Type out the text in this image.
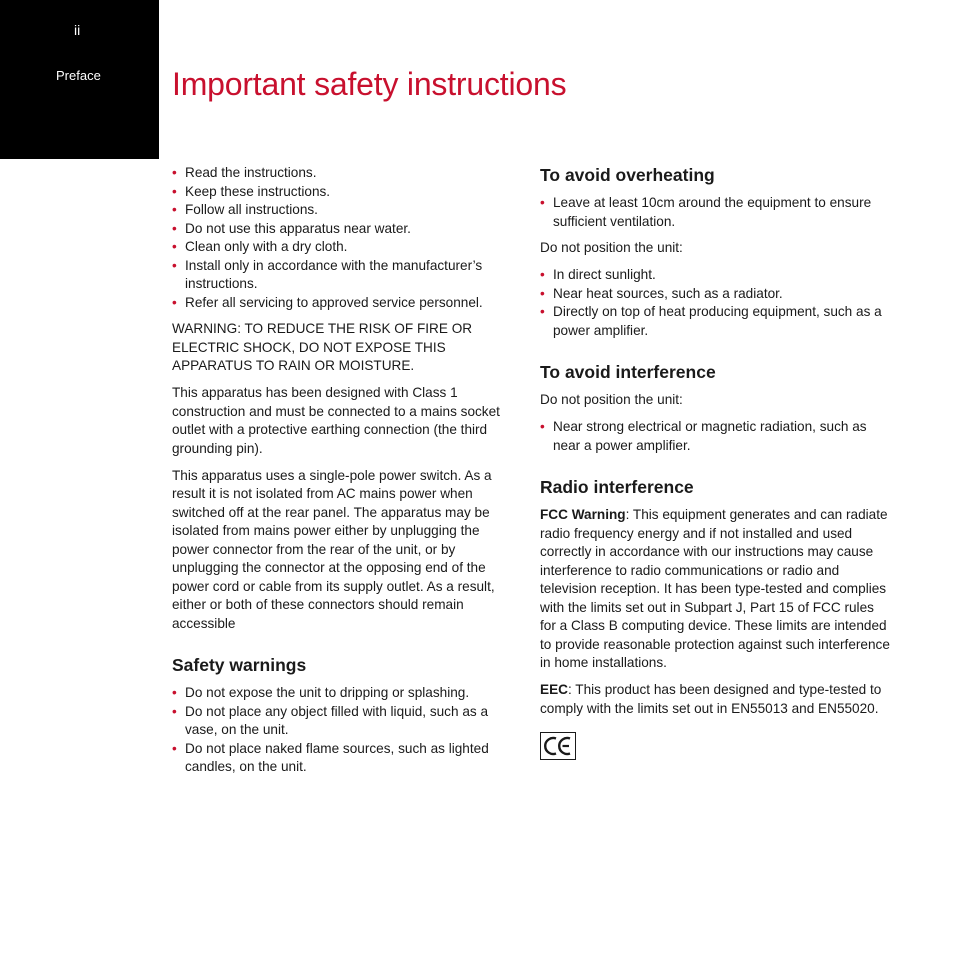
ii
Preface Important safety instructions
• Read the instructions.
• Keep these instructions.
• Follow all instructions.
• Do not use this apparatus near water.
• Clean only with a dry cloth.
• Install only in accordance with the manufacturer’s instructions.
• Refer all servicing to approved service personnel.

WARNING: TO REDUCE THE RISK OF FIRE OR ELECTRIC SHOCK, DO NOT EXPOSE THIS APPARATUS TO RAIN OR MOISTURE.

This apparatus has been designed with Class 1 construction and must be connected to a mains socket outlet with a protective earthing connection (the third grounding pin).

This apparatus uses a single-pole power switch. As a result it is not isolated from AC mains power when switched off at the rear panel. The apparatus may be isolated from mains power either by unplugging the power connector from the rear of the unit, or by unplugging the connector at the opposing end of the power cord or cable from its supply outlet. As a result, either or both of these connectors should remain accessible

Safety warnings
• Do not expose the unit to dripping or splashing.
• Do not place any object filled with liquid, such as a vase, on the unit.
• Do not place naked flame sources, such as lighted candles, on the unit.
To avoid overheating
• Leave at least 10cm around the equipment to ensure sufficient ventilation.

Do not position the unit:

• In direct sunlight.
• Near heat sources, such as a radiator.
• Directly on top of heat producing equipment, such as a power amplifier.
To avoid interference

Do not position the unit:

• Near strong electrical or magnetic radiation, such as near a power amplifier.
Radio interference

FCC Warning: This equipment generates and can radiate radio frequency energy and if not installed and used correctly in accordance with our instructions may cause interference to radio communications or radio and television reception. It has been type-tested and complies with the limits set out in Subpart J, Part 15 of FCC rules for a Class B computing device. These limits are intended to provide reasonable protection against such interference in home installations.

EEC: This product has been designed and type-tested to comply with the limits set out in EN55013 and EN55020.
